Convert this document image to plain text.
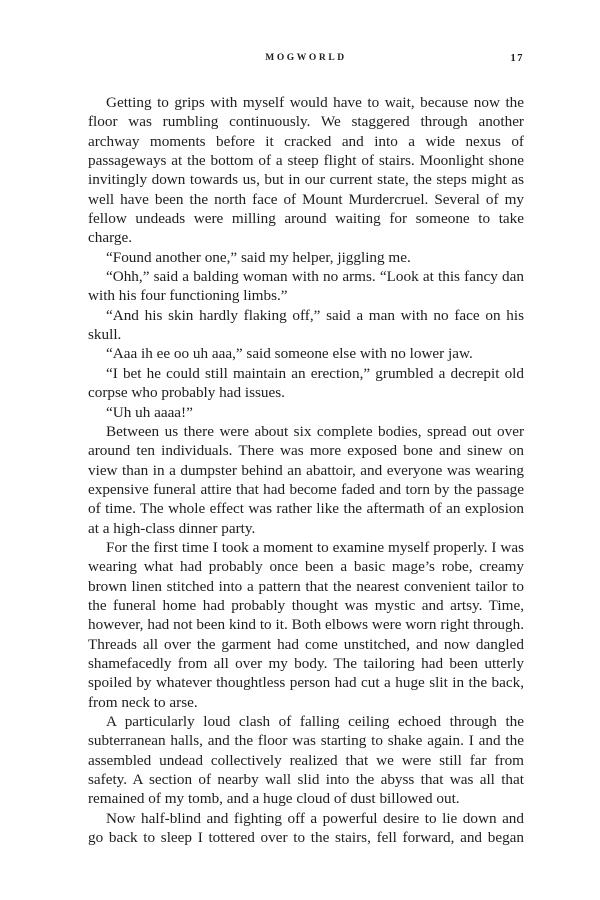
MOGWORLD	17

Getting to grips with myself would have to wait, because now the floor was rumbling continuously. We staggered through another archway moments before it cracked and into a wide nexus of passageways at the bottom of a steep flight of stairs. Moonlight shone invitingly down towards us, but in our current state, the steps might as well have been the north face of Mount Murdercruel. Several of my fellow undeads were milling around waiting for someone to take charge.

“Found another one,” said my helper, jiggling me.

“Ohh,” said a balding woman with no arms. “Look at this fancy dan with his four functioning limbs.”

“And his skin hardly flaking off,” said a man with no face on his skull.

“Aaa ih ee oo uh aaa,” said someone else with no lower jaw.

“I bet he could still maintain an erection,” grumbled a decrepit old corpse who probably had issues.

“Uh uh aaaa!”

Between us there were about six complete bodies, spread out over around ten individuals. There was more exposed bone and sinew on view than in a dumpster behind an abattoir, and everyone was wearing expensive funeral attire that had become faded and torn by the passage of time. The whole effect was rather like the aftermath of an explosion at a high-class dinner party.

For the first time I took a moment to examine myself properly. I was wearing what had probably once been a basic mage’s robe, creamy brown linen stitched into a pattern that the nearest convenient tailor to the funeral home had probably thought was mystic and artsy. Time, however, had not been kind to it. Both elbows were worn right through. Threads all over the garment had come unstitched, and now dangled shamefacedly from all over my body. The tailoring had been utterly spoiled by whatever thoughtless person had cut a huge slit in the back, from neck to arse.

A particularly loud clash of falling ceiling echoed through the subterranean halls, and the floor was starting to shake again. I and the assembled undead collectively realized that we were still far from safety. A section of nearby wall slid into the abyss that was all that remained of my tomb, and a huge cloud of dust billowed out.

Now half-blind and fighting off a powerful desire to lie down and go back to sleep I tottered over to the stairs, fell forward, and began
